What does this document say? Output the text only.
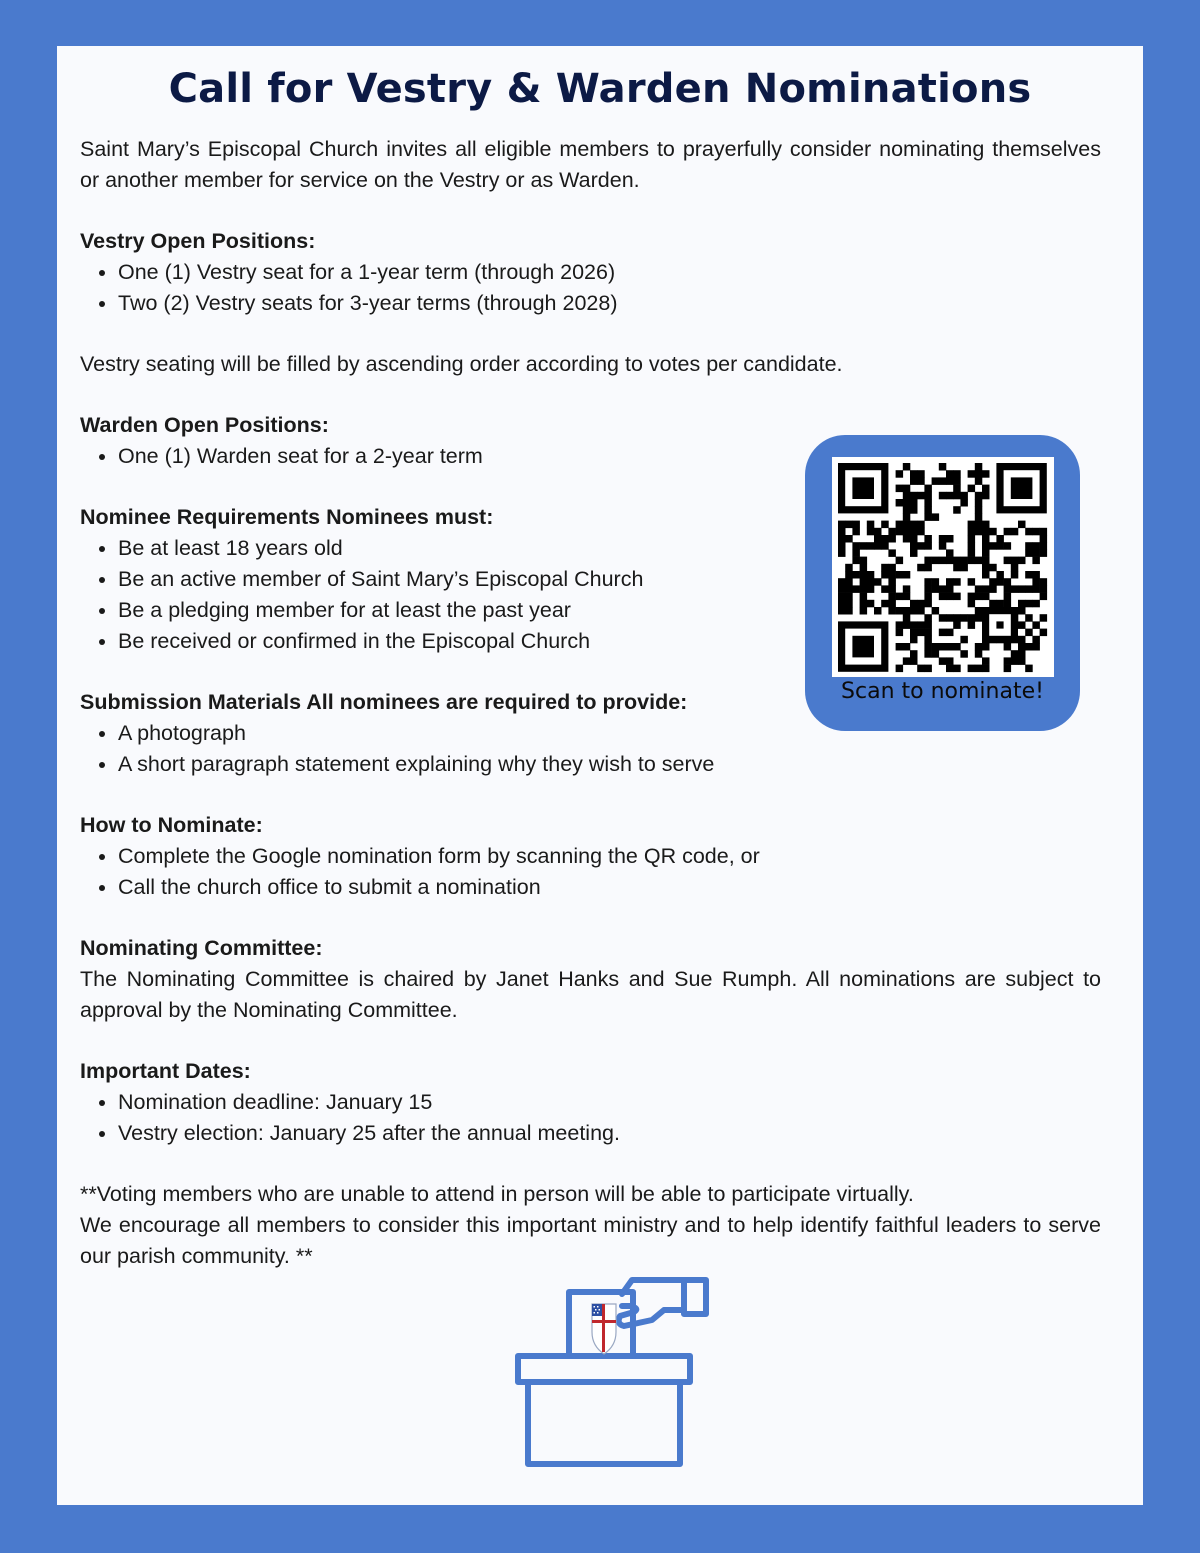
Call for Vestry & Warden Nominations

Saint Mary’s Episcopal Church invites all eligible members to prayerfully consider nominating themselves or another member for service on the Vestry or as Warden.

Vestry Open Positions:

• One (1) Vestry seat for a 1-year term (through 2026)
• Two (2) Vestry seats for 3-year terms (through 2028)

Vestry seating will be filled by ascending order according to votes per candidate.

Warden Open Positions:

• One (1) Warden seat for a 2-year term

Nominee Requirements Nominees must:

• Be at least 18 years old
• Be an active member of Saint Mary’s Episcopal Church
• Be a pledging member for at least the past year
• Be received or confirmed in the Episcopal Church

Submission Materials All nominees are required to provide:

• A photograph
• A short paragraph statement explaining why they wish to serve

How to Nominate:

• Complete the Google nomination form by scanning the QR code, or
• Call the church office to submit a nomination

Nominating Committee:

The Nominating Committee is chaired by Janet Hanks and Sue Rumph. All nominations are subject to approval by the Nominating Committee.

Important Dates:

• Nomination deadline: January 15
• Vestry election: January 25 after the annual meeting.

**Voting members who are unable to attend in person will be able to participate virtually.

We encourage all members to consider this important ministry and to help identify faithful leaders to serve our parish community. **

Scan to nominate!
